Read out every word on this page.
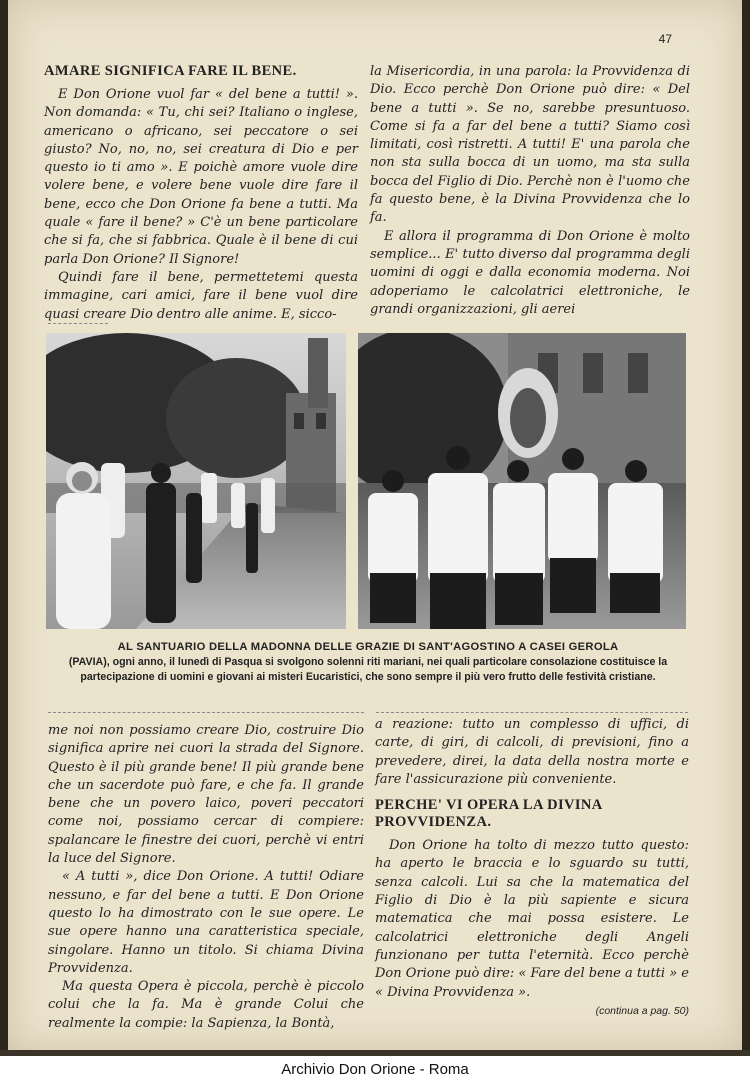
47
AMARE SIGNIFICA FARE IL BENE.

E Don Orione vuol far « del bene a tutti! ». Non domanda: « Tu, chi sei? Italiano o inglese, americano o africano, sei peccatore o sei giusto? No, no, no, sei creatura di Dio e per questo io ti amo ». E poichè amore vuole dire volere bene, e volere bene vuole dire fare il bene, ecco che Don Orione fa bene a tutti. Ma quale « fare il bene? » C'è un bene particolare che si fa, che si fabbrica. Quale è il bene di cui parla Don Orione? Il Signore!

Quindi fare il bene, permettetemi questa immagine, cari amici, fare il bene vuol dire quasi creare Dio dentro alle anime. E, sicco-

la Misericordia, in una parola: la Provvidenza di Dio. Ecco perchè Don Orione può dire: « Del bene a tutti ». Se no, sarebbe presuntuoso. Come si fa a far del bene a tutti? Siamo così limitati, così ristretti. A tutti! E' una parola che non sta sulla bocca di un uomo, ma sta sulla bocca del Figlio di Dio. Perchè non è l'uomo che fa questo bene, è la Divina Provvidenza che lo fa.

E allora il programma di Don Orione è molto semplice... E' tutto diverso dal programma degli uomini di oggi e dalla economia moderna. Noi adoperiamo le calcolatrici elettroniche, le grandi organizzazioni, gli aerei

AL SANTUARIO DELLA MADONNA DELLE GRAZIE DI SANT'AGOSTINO A CASEI GEROLA
(PAVIA), ogni anno, il lunedì di Pasqua si svolgono solenni riti mariani, nei quali particolare consolazione costituisce la partecipazione di uomini e giovani ai misteri Eucaristici, che sono sempre il più vero frutto delle festività cristiane.

me noi non possiamo creare Dio, costruire Dio significa aprire nei cuori la strada del Signore. Questo è il più grande bene! Il più grande bene che un sacerdote può fare, e che fa. Il grande bene che un povero laico, poveri peccatori come noi, possiamo cercar di compiere: spalancare le finestre dei cuori, perchè vi entri la luce del Signore.

« A tutti », dice Don Orione. A tutti! Odiare nessuno, e far del bene a tutti. E Don Orione questo lo ha dimostrato con le sue opere. Le sue opere hanno una caratteristica speciale, singolare. Hanno un titolo. Si chiama Divina Provvidenza.

Ma questa Opera è piccola, perchè è piccolo colui che la fa. Ma è grande Colui che realmente la compie: la Sapienza, la Bontà,

a reazione: tutto un complesso di uffici, di carte, di giri, di calcoli, di previsioni, fino a prevedere, direi, la data della nostra morte e fare l'assicurazione più conveniente.

PERCHE' VI OPERA LA DIVINA PROVVIDENZA.

Don Orione ha tolto di mezzo tutto questo: ha aperto le braccia e lo sguardo su tutti, senza calcoli. Lui sa che la matematica del Figlio di Dio è la più sapiente e sicura matematica che mai possa esistere. Le calcolatrici elettroniche degli Angeli funzionano per tutta l'eternità. Ecco perchè Don Orione può dire: « Fare del bene a tutti » e « Divina Provvidenza ».

(continua a pag. 50)

Archivio Don Orione - Roma
